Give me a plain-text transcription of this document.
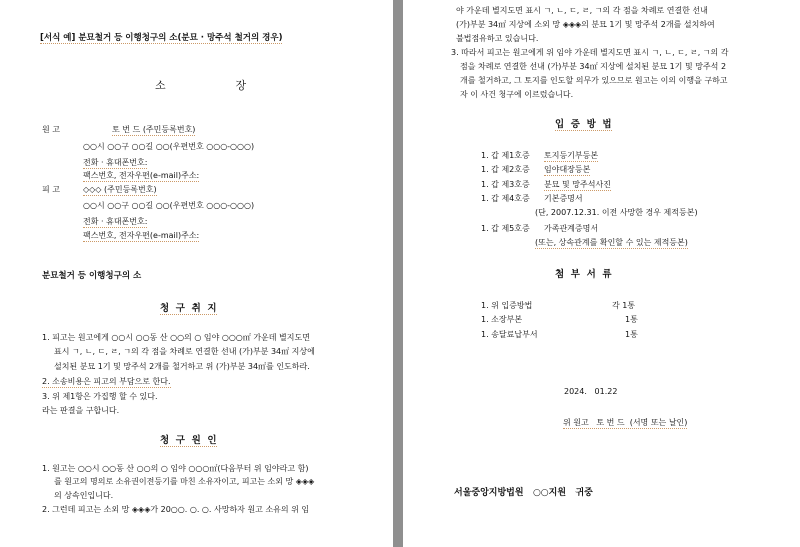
[서식 예] 분묘철거 등 이행청구의 소(분묘 · 망주석 철거의 경우)
소                    장
원 고	토 번 드 (주민등록번호)
○○시 ○○구 ○○길 ○○(우편번호 ○○○-○○○)
전화 · 휴대폰번호:
팩스번호, 전자우편(e-mail)주소:
피 고	◇◇◇ (주민등록번호)
○○시 ○○구 ○○길 ○○(우편번호 ○○○-○○○)
전화 · 휴대폰번호:
팩스번호, 전자우편(e-mail)주소:
분묘철거 등 이행청구의 소
청  구  취  지
1. 피고는 원고에게 ○○시 ○○동 산 ○○의 ○ 임야 ○○○㎡ 가운데 별지도면
표시 ㄱ, ㄴ, ㄷ, ㄹ, ㄱ의 각 점을 차례로 연결한 선내 (가)부분 34㎡ 지상에
설치된 분묘 1기 및 망주석 2개를 철거하고 위 (가)부분 34㎡를 인도하라.
2. 소송비용은 피고의 부담으로 한다.
3. 위 제1항은 가집행 할 수 있다.
라는 판결을 구합니다.
청  구  원  인
1. 원고는 ○○시 ○○동 산 ○○의 ○ 임야 ○○○㎡(다음부터 위 임야라고 함)
를 원고의 명의로 소유권이전등기를 마친 소유자이고, 피고는 소외 망 ◈◈◈
의 상속인입니다.
2. 그런데 피고는 소외 망 ◈◈◈가 20○○. ○. ○. 사망하자 원고 소유의 위 임
야 가운데 별지도면 표시 ㄱ, ㄴ, ㄷ, ㄹ, ㄱ의 각 점을 차례로 연결한 선내
(가)부분 34㎡ 지상에 소외 망 ◈◈◈의 분묘 1기 및 망주석 2개를 설치하여
불법점유하고 있습니다.
3. 따라서 피고는 원고에게 위 임야 가운데 별지도면 표시 ㄱ, ㄴ, ㄷ, ㄹ, ㄱ의 각
점을 차례로 연결한 선내 (가)부분 34㎡ 지상에 설치된 분묘 1기 및 망주석 2
개를 철거하고, 그 토지를 인도할 의무가 있으므로 원고는 이의 이행을 구하고
자 이 사건 청구에 이르렀습니다.
입  증  방  법
1. 갑 제1호증 토지등기부등본
1. 갑 제2호증 임야대장등본
1. 갑 제3호증 분묘 및 망주석사진
1. 갑 제4호증 기본증명서
(단, 2007.12.31. 이전 사망한 경우 제적등본)
1. 갑 제5호증 가족관계증명서
(또는, 상속관계를 확인할 수 있는 제적등본)
첨  부  서  류
1. 위 입증방법	각 1통
1. 소장부본	1통
1. 송달료납부서	1통
2024.   01.22
위 원고   토 번 드  (서명 또는 날인)
서울중앙지방법원   ○○지원   귀중
